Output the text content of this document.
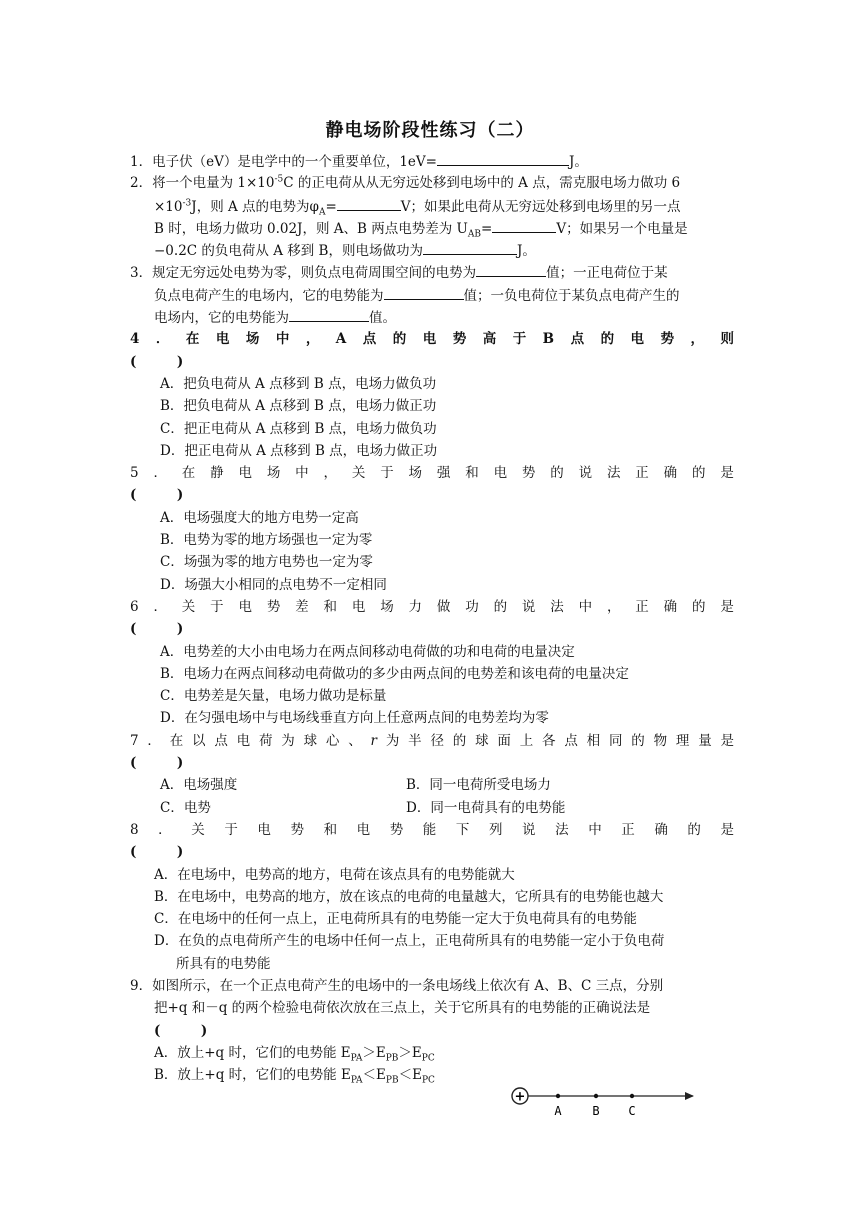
静电场阶段性练习（二）
1．电子伏（eV）是电学中的一个重要单位，1eV=	J。
2．将一个电量为 $1\times 10^{-5}C$ 的正电荷从从无穷远处移到电场中的 A 点，需克服电场力做功 6
$\times 10^{-3}J$，则 A 点的电势为$\varphi_A=$	V；如果此电荷从无穷远处移到电场里的另一点
B 时，电场力做功 0.02J，则 A、B 两点电势差为 $U_{AB}=$	V；如果另一个电量是
−0.2C 的负电荷从 A 移到 B，则电场做功为	J。
3．规定无穷远处电势为零，则负点电荷周围空间的电势为	值；一正电荷位于某
负点电荷产生的电场内，它的电势能为	值；一负电荷位于某负点电荷产生的
电场内，它的电势能为	值。
4 ． 在 电 场 中 ， A 点 的 电 势 高 于 B 点 的 电 势 ， 则
(　　　)
A．把负电荷从 A 点移到 B 点，电场力做负功
B．把负电荷从 A 点移到 B 点，电场力做正功
C．把正电荷从 A 点移到 B 点，电场力做负功
D．把正电荷从 A 点移到 B 点，电场力做正功
5 ． 在 静 电 场 中 ， 关 于 场 强 和 电 势 的 说 法 正 确 的 是
(　　　)
A．电场强度大的地方电势一定高
B．电势为零的地方场强也一定为零
C．场强为零的地方电势也一定为零
D．场强大小相同的点电势不一定相同
6 ． 关 于 电 势 差 和 电 场 力 做 功 的 说 法 中 ， 正 确 的 是
(　　　)
A．电势差的大小由电场力在两点间移动电荷做的功和电荷的电量决定
B．电场力在两点间移动电荷做功的多少由两点间的电势差和该电荷的电量决定
C．电势差是矢量，电场力做功是标量
D．在匀强电场中与电场线垂直方向上任意两点间的电势差均为零
7 ． 在 以 点 电 荷 为 球 心 、 r 为 半 径 的 球 面 上 各 点 相 同 的 物 理 量 是
(　　　)
A．电场强度	B．同一电荷所受电场力
C．电势	D．同一电荷具有的电势能
8 ． 关 于 电 势 和 电 势 能 下 列 说 法 中 正 确 的 是
(　　　)
A．在电场中，电势高的地方，电荷在该点具有的电势能就大
B．在电场中，电势高的地方，放在该点的电荷的电量越大，它所具有的电势能也越大
C．在电场中的任何一点上，正电荷所具有的电势能一定大于负电荷具有的电势能
D．在负的点电荷所产生的电场中任何一点上，正电荷所具有的电势能一定小于负电荷
所具有的电势能
9．如图所示，在一个正点电荷产生的电场中的一条电场线上依次有 A、B、C 三点，分别
把+q 和－q 的两个检验电荷依次放在三点上，关于它所具有的电势能的正确说法是
(　　　)
A．放上+q 时，它们的电势能 $E_{PA}>E_{PB}>E_{PC}$
B．放上+q 时，它们的电势能 $E_{PA}<E_{PB}<E_{PC}$
+
A	B C
